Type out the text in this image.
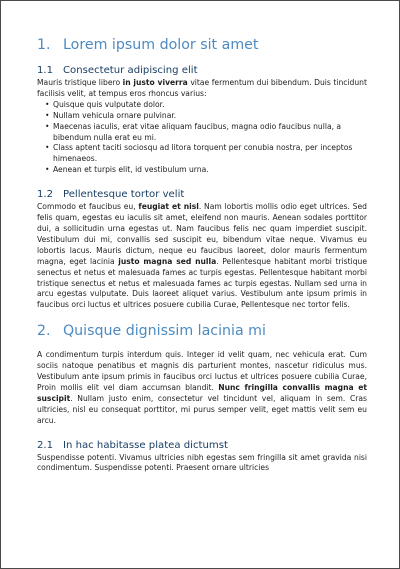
1. Lorem ipsum dolor sit amet
1.1 Consectetur adipiscing elit

Mauris tristique libero in justo viverra vitae fermentum dui bibendum. Duis tincidunt facilisis velit, at tempus eros rhoncus varius:

• Quisque quis vulputate dolor.
• Nullam vehicula ornare pulvinar.
• Maecenas iaculis, erat vitae aliquam faucibus, magna odio faucibus nulla, a bibendum nulla erat eu mi.
• Class aptent taciti sociosqu ad litora torquent per conubia nostra, per inceptos himenaeos.
• Aenean et turpis elit, id vestibulum urna.
1.2 Pellentesque tortor velit

Commodo et faucibus eu, feugiat et nisl. Nam lobortis mollis odio eget ultrices. Sed felis quam, egestas eu iaculis sit amet, eleifend non mauris. Aenean sodales porttitor dui, a sollicitudin urna egestas ut. Nam faucibus felis nec quam imperdiet suscipit. Vestibulum dui mi, convallis sed suscipit eu, bibendum vitae neque. Vivamus eu lobortis lacus. Mauris dictum, neque eu faucibus laoreet, dolor mauris fermentum magna, eget lacinia justo magna sed nulla. Pellentesque habitant morbi tristique senectus et netus et malesuada fames ac turpis egestas. Pellentesque habitant morbi tristique senectus et netus et malesuada fames ac turpis egestas. Nullam sed urna in arcu egestas vulputate. Duis laoreet aliquet varius. Vestibulum ante ipsum primis in faucibus orci luctus et ultrices posuere cubilia Curae, Pellentesque nec tortor felis.

2. Quisque dignissim lacinia mi

A condimentum turpis interdum quis. Integer id velit quam, nec vehicula erat. Cum sociis natoque penatibus et magnis dis parturient montes, nascetur ridiculus mus. Vestibulum ante ipsum primis in faucibus orci luctus et ultrices posuere cubilia Curae, Proin mollis elit vel diam accumsan blandit. Nunc fringilla convallis magna et suscipit. Nullam justo enim, consectetur vel tincidunt vel, aliquam in sem. Cras ultricies, nisl eu consequat porttitor, mi purus semper velit, eget mattis velit sem eu arcu.

2.1 In hac habitasse platea dictumst

Suspendisse potenti. Vivamus ultricies nibh egestas sem fringilla sit amet gravida nisi condimentum. Suspendisse potenti. Praesent ornare ultricies
